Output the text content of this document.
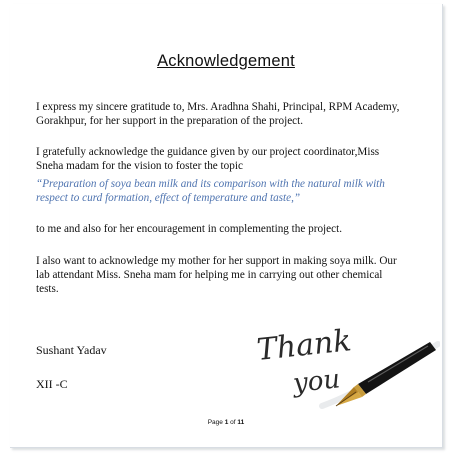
Acknowledgement

I express my sincere gratitude to, Mrs. Aradhna Shahi, Principal, RPM Academy, Gorakhpur, for her support in the preparation of the project.

I gratefully acknowledge the guidance given by our project coordinator,Miss Sneha madam for the vision to foster the topic

“Preparation of soya bean milk and its comparison with the natural milk with respect to curd formation, effect of temperature and taste,”

to me and also for her encouragement in complementing the project.

I also want to acknowledge my mother for her support in making soya milk. Our lab attendant Miss. Sneha mam for helping me in carrying out other chemical tests.

Sushant Yadav
XII -C
Thank
you
Page 1 of 11
